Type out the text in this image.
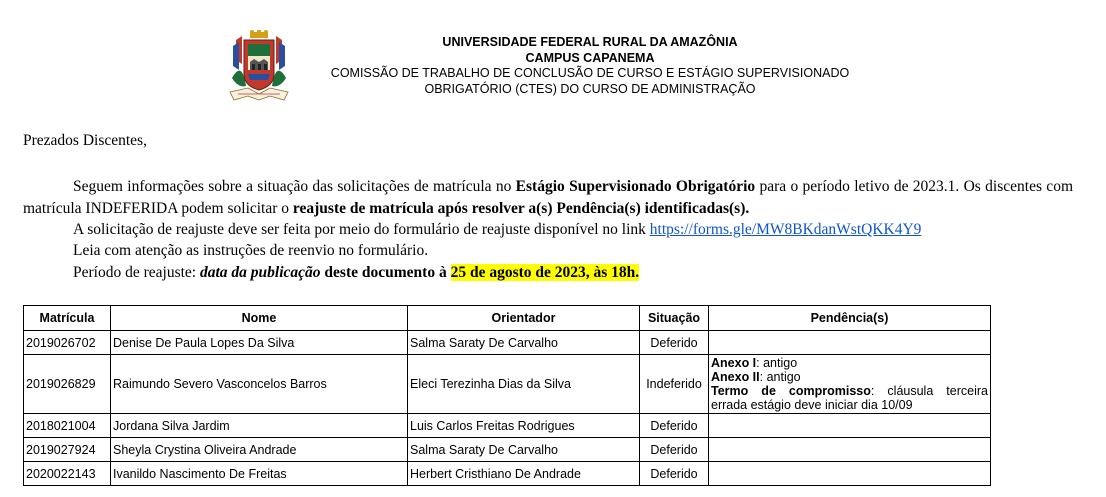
UNIVERSIDADE FEDERAL RURAL DA AMAZÔNIA
CAMPUS CAPANEMA
COMISSÃO DE TRABALHO DE CONCLUSÃO DE CURSO E ESTÁGIO SUPERVISIONADO
OBRIGATÓRIO (CTES) DO CURSO DE ADMINISTRAÇÃO
Prezados Discentes,
Seguem informações sobre a situação das solicitações de matrícula no Estágio Supervisionado Obrigatório para o período letivo de 2023.1. Os discentes com matrícula INDEFERIDA podem solicitar o reajuste de matrícula após resolver a(s) Pendência(s) identificadas(s).
A solicitação de reajuste deve ser feita por meio do formulário de reajuste disponível no link https://forms.gle/MW8BKdanWstQKK4Y9
Leia com atenção as instruções de reenvio no formulário.
Período de reajuste: data da publicação deste documento à 25 de agosto de 2023, às 18h.
Matrícula	Nome	Orientador	Situação	Pendência(s)
2019026702	Denise De Paula Lopes Da Silva	Salma Saraty De Carvalho	Deferido	
2019026829	Raimundo Severo Vasconcelos Barros	Eleci Terezinha Dias da Silva	Indeferido	Anexo I: antigo
Anexo II: antigo
Termo de compromisso: cláusula terceira errada estágio deve iniciar dia 10/09

2018021004	Jordana Silva Jardim	Luis Carlos Freitas Rodrigues	Deferido	
2019027924	Sheyla Crystina Oliveira Andrade	Salma Saraty De Carvalho	Deferido	
2020022143	Ivanildo Nascimento De Freitas	Herbert Cristhiano De Andrade	Deferido	
